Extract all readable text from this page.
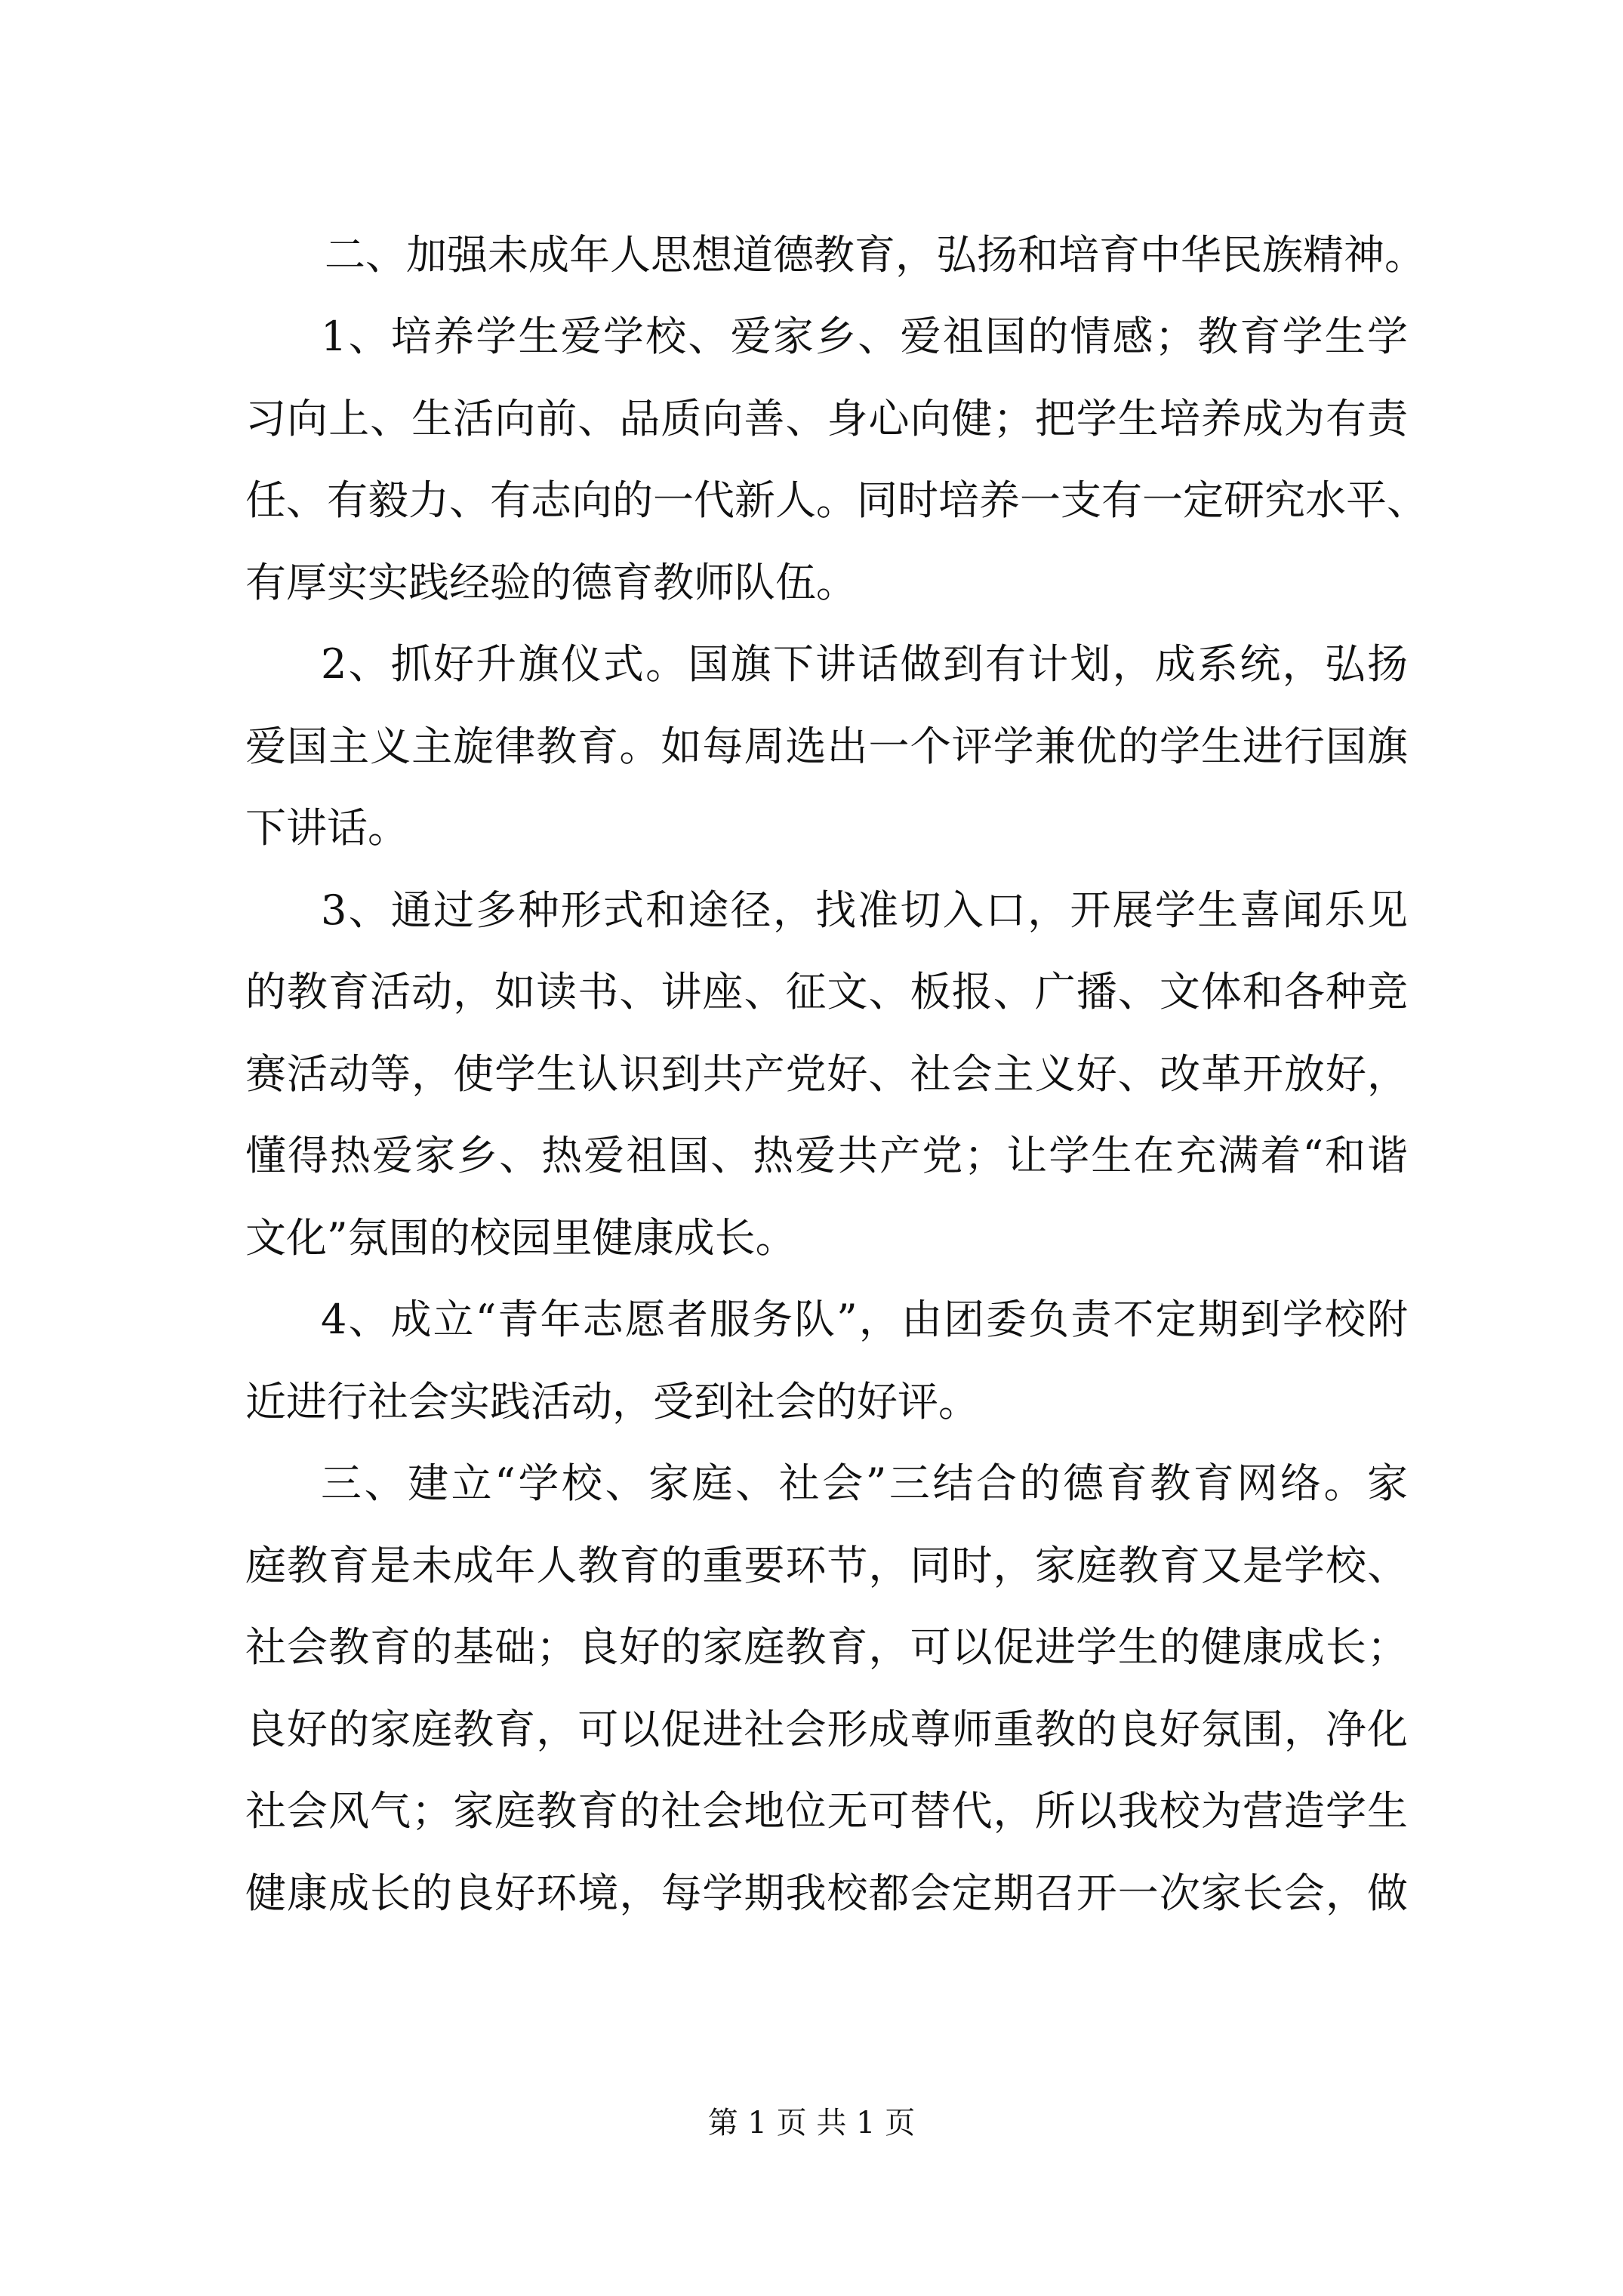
二、加强未成年人思想道德教育，弘扬和培育中华民族精神。
1、培养学生爱学校、爱家乡、爱祖国的情感；教育学生学
习向上、生活向前、品质向善、身心向健；把学生培养成为有责
任、有毅力、有志向的一代新人。同时培养一支有一定研究水平、
有厚实实践经验的德育教师队伍。
2、抓好升旗仪式。国旗下讲话做到有计划，成系统，弘扬
爱国主义主旋律教育。如每周选出一个评学兼优的学生进行国旗
下讲话。
3、通过多种形式和途径，找准切入口，开展学生喜闻乐见
的教育活动，如读书、讲座、征文、板报、广播、文体和各种竞
赛活动等，使学生认识到共产党好、社会主义好、改革开放好，
懂得热爱家乡、热爱祖国、热爱共产党；让学生在充满着“和谐
文化”氛围的校园里健康成长。
4、成立“青年志愿者服务队”，由团委负责不定期到学校附
近进行社会实践活动，受到社会的好评。
三、建立“学校、家庭、社会”三结合的德育教育网络。家
庭教育是未成年人教育的重要环节，同时，家庭教育又是学校、
社会教育的基础；良好的家庭教育，可以促进学生的健康成长；
良好的家庭教育，可以促进社会形成尊师重教的良好氛围，净化
社会风气；家庭教育的社会地位无可替代，所以我校为营造学生
健康成长的良好环境，每学期我校都会定期召开一次家长会，做
第 1 页 共 1 页
